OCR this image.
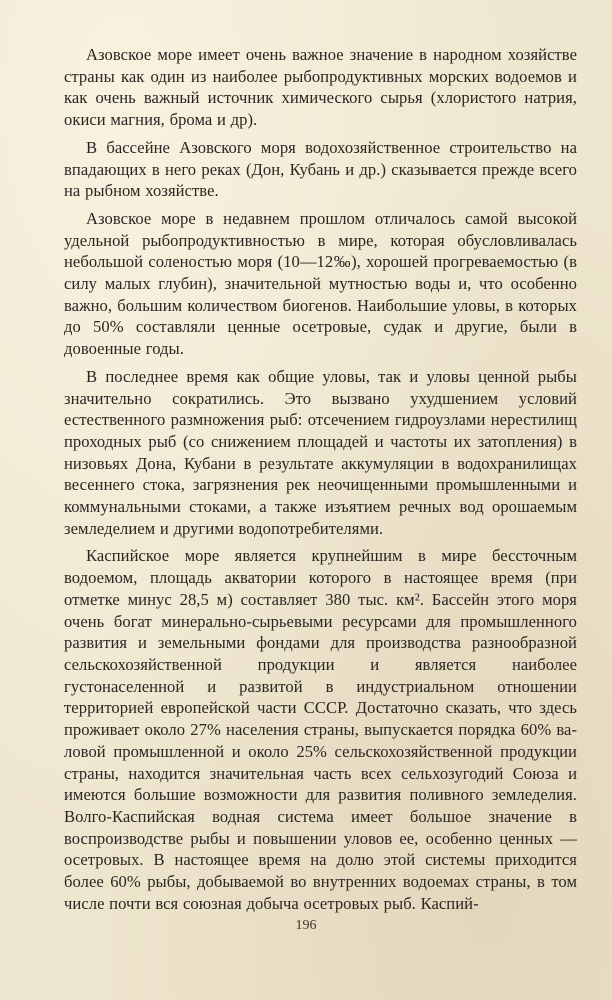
Азовское море имеет очень важное значение в народном хозяйстве страны как один из наиболее рыбопродуктивных морских водоемов и как очень важный источник химического сырья (хлористого натрия, окиси магния, брома и др).

В бассейне Азовского моря водохозяйственное строительство на впадающих в него реках (Дон, Кубань и др.) сказывается прежде всего на рыбном хозяйстве.

Азовское море в недавнем прошлом отличалось самой высокой удельной рыбопродуктивностью в мире, которая обусловливалась небольшой соленостью моря (10—12‰), хорошей прогреваемостью (в силу малых глубин), значительной мутностью воды и, что особенно важно, большим количеством биогенов. Наибольшие уловы, в которых до 50% составляли ценные осетровые, судак и другие, были в довоенные годы.

В последнее время как общие уловы, так и уловы ценной рыбы значительно сократились. Это вызвано ухудшением условий естественного размножения рыб: отсечением гидроузлами нерестилищ проходных рыб (со снижением площадей и частоты их затопления) в низовьях Дона, Кубани в результате аккумуляции в водохранилищах весеннего стока, загрязнения рек неочищенными промышленными и коммунальными стоками, а также изъятием речных вод орошаемым земледелием и другими водопотребителями.

Каспийское море является крупнейшим в мире бессточным водоемом, площадь акватории которого в настоящее время (при отметке минус 28,5 м) составляет 380 тыс. км². Бассейн этого моря очень богат минерально-сырьевыми ресурсами для промышленного развития и земельными фондами для производства разнообразной сельскохозяйственной продукции и является наиболее густонаселенной и развитой в индустриальном отношении территорией европейской части СССР. Достаточно сказать, что здесь проживает около 27% населения страны, выпускается порядка 60% валовой промышленной и около 25% сельскохозяйственной продукции страны, находится значительная часть всех сельхозугодий Союза и имеются большие возможности для развития поливного земледелия. Волго-Каспийская водная система имеет большое значение в воспроизводстве рыбы и повышении уловов ее, особенно ценных — осетровых. В настоящее время на долю этой системы приходится более 60% рыбы, добываемой во внутренних водоемах страны, в том числе почти вся союзная добыча осетровых рыб. Каспий-

196
